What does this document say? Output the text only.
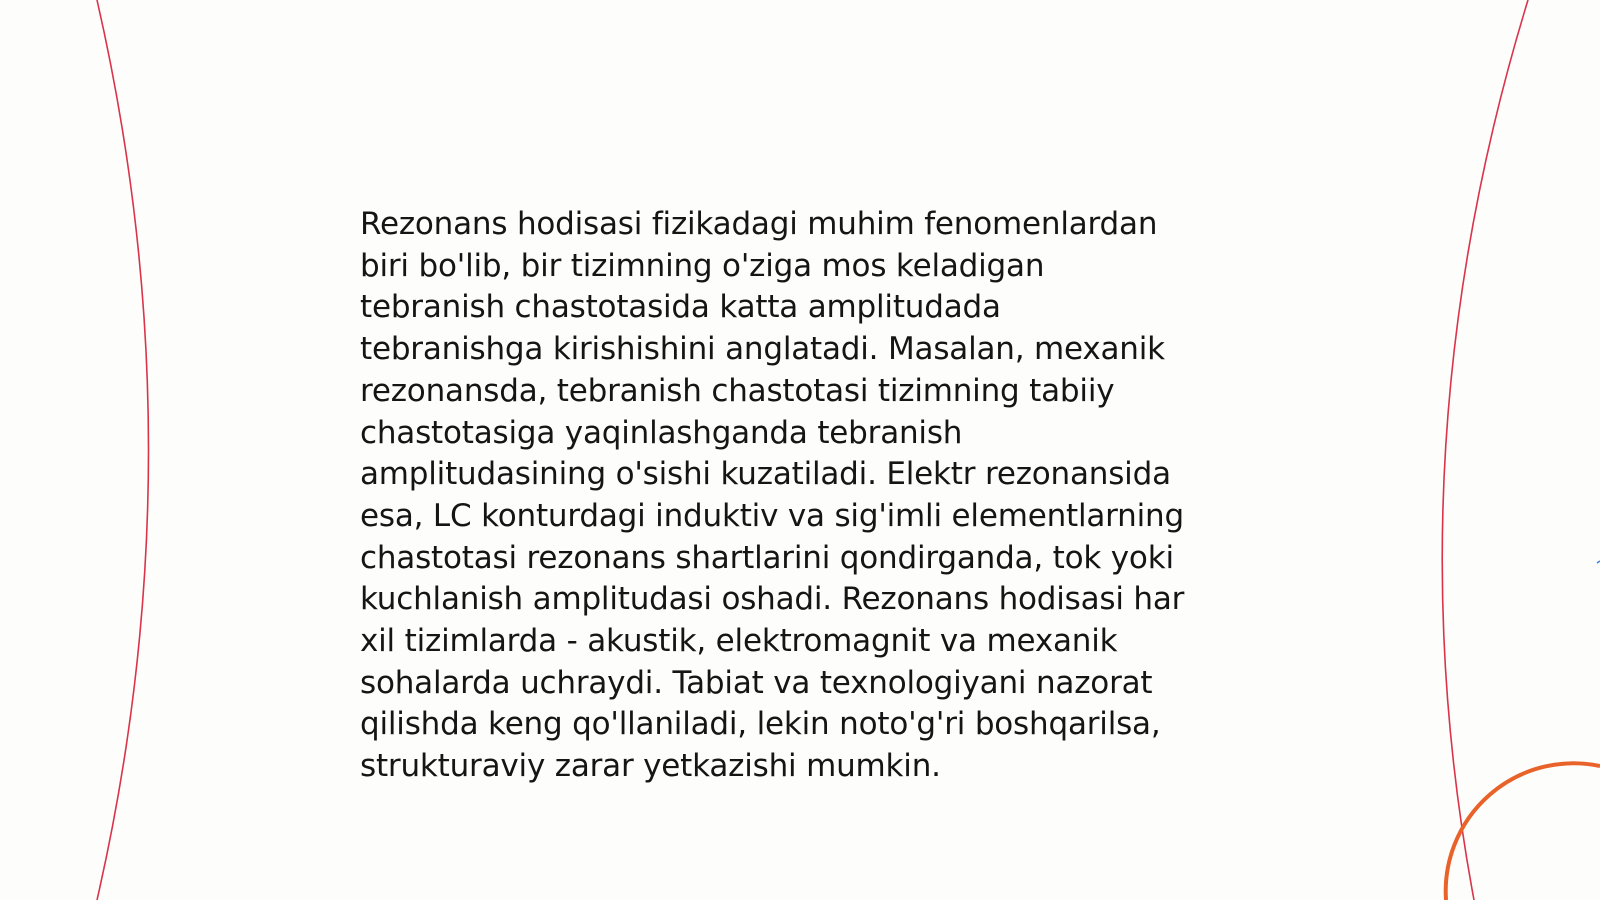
Rezonans hodisasi fizikadagi muhim fenomenlardan
biri bo'lib, bir tizimning o'ziga mos keladigan
tebranish chastotasida katta amplitudada
tebranishga kirishishini anglatadi. Masalan, mexanik
rezonansda, tebranish chastotasi tizimning tabiiy
chastotasiga yaqinlashganda tebranish
amplitudasining o'sishi kuzatiladi. Elektr rezonansida
esa, LC konturdagi induktiv va sig'imli elementlarning
chastotasi rezonans shartlarini qondirganda, tok yoki
kuchlanish amplitudasi oshadi. Rezonans hodisasi har
xil tizimlarda - akustik, elektromagnit va mexanik
sohalarda uchraydi. Tabiat va texnologiyani nazorat
qilishda keng qo'llaniladi, lekin noto'g'ri boshqarilsa,
strukturaviy zarar yetkazishi mumkin.
